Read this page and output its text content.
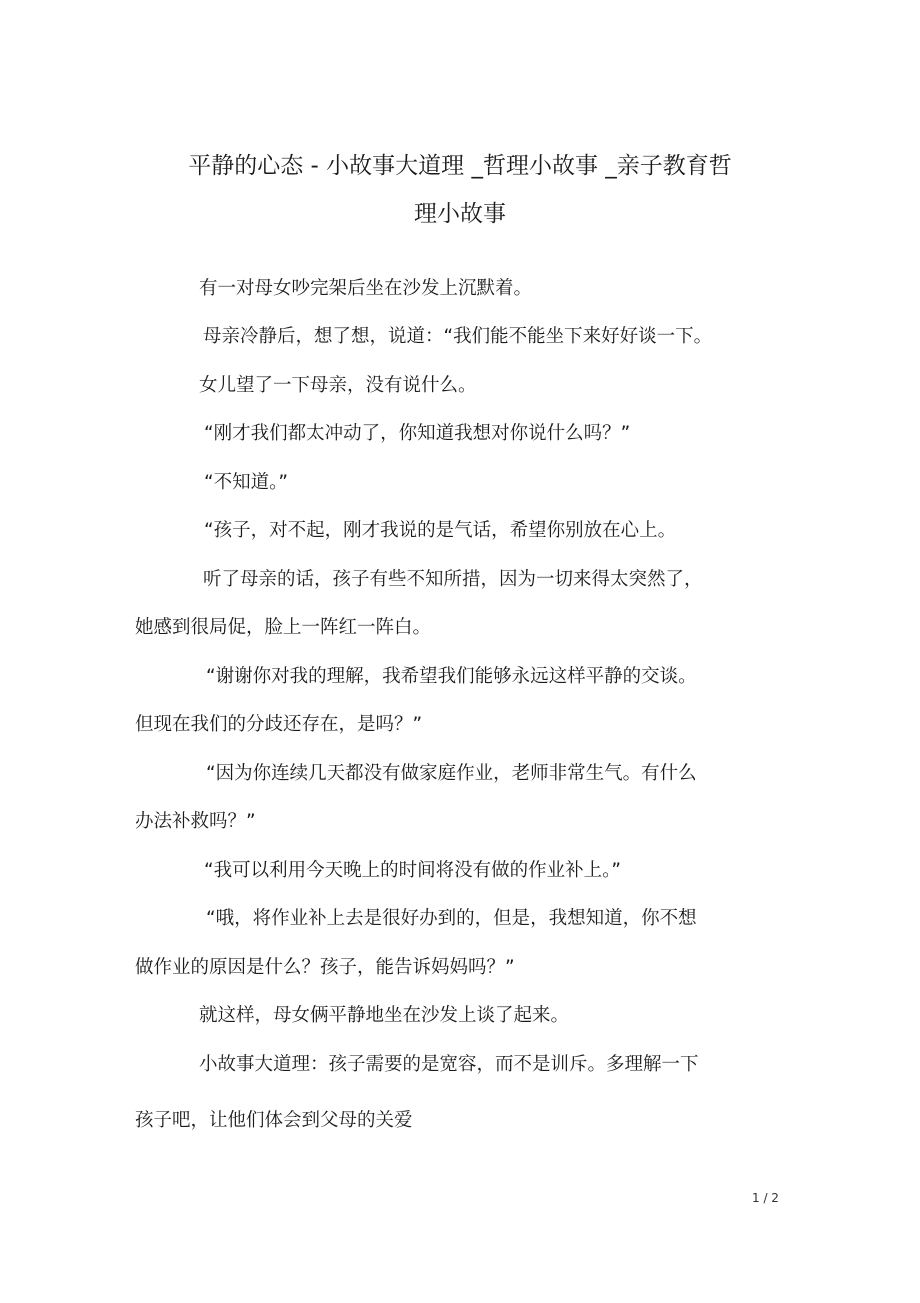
平静的心态 - 小故事大道理 _哲理小故事 _亲子教育哲
理小故事
有一对母女吵完架后坐在沙发上沉默着。
母亲冷静后，想了想，说道：“我们能不能坐下来好好谈一下。
女儿望了一下母亲，没有说什么。
“刚才我们都太冲动了，你知道我想对你说什么吗？”
“不知道。”
“孩子，对不起，刚才我说的是气话，希望你别放在心上。
听了母亲的话，孩子有些不知所措，因为一切来得太突然了，
她感到很局促，脸上一阵红一阵白。
“谢谢你对我的理解，我希望我们能够永远这样平静的交谈。
但现在我们的分歧还存在，是吗？”
“因为你连续几天都没有做家庭作业，老师非常生气。有什么
办法补救吗？”
“我可以利用今天晚上的时间将没有做的作业补上。”
“哦，将作业补上去是很好办到的，但是，我想知道，你不想
做作业的原因是什么？孩子，能告诉妈妈吗？”
就这样，母女俩平静地坐在沙发上谈了起来。
小故事大道理：孩子需要的是宽容，而不是训斥。多理解一下
孩子吧，让他们体会到父母的关爱
1 / 2
